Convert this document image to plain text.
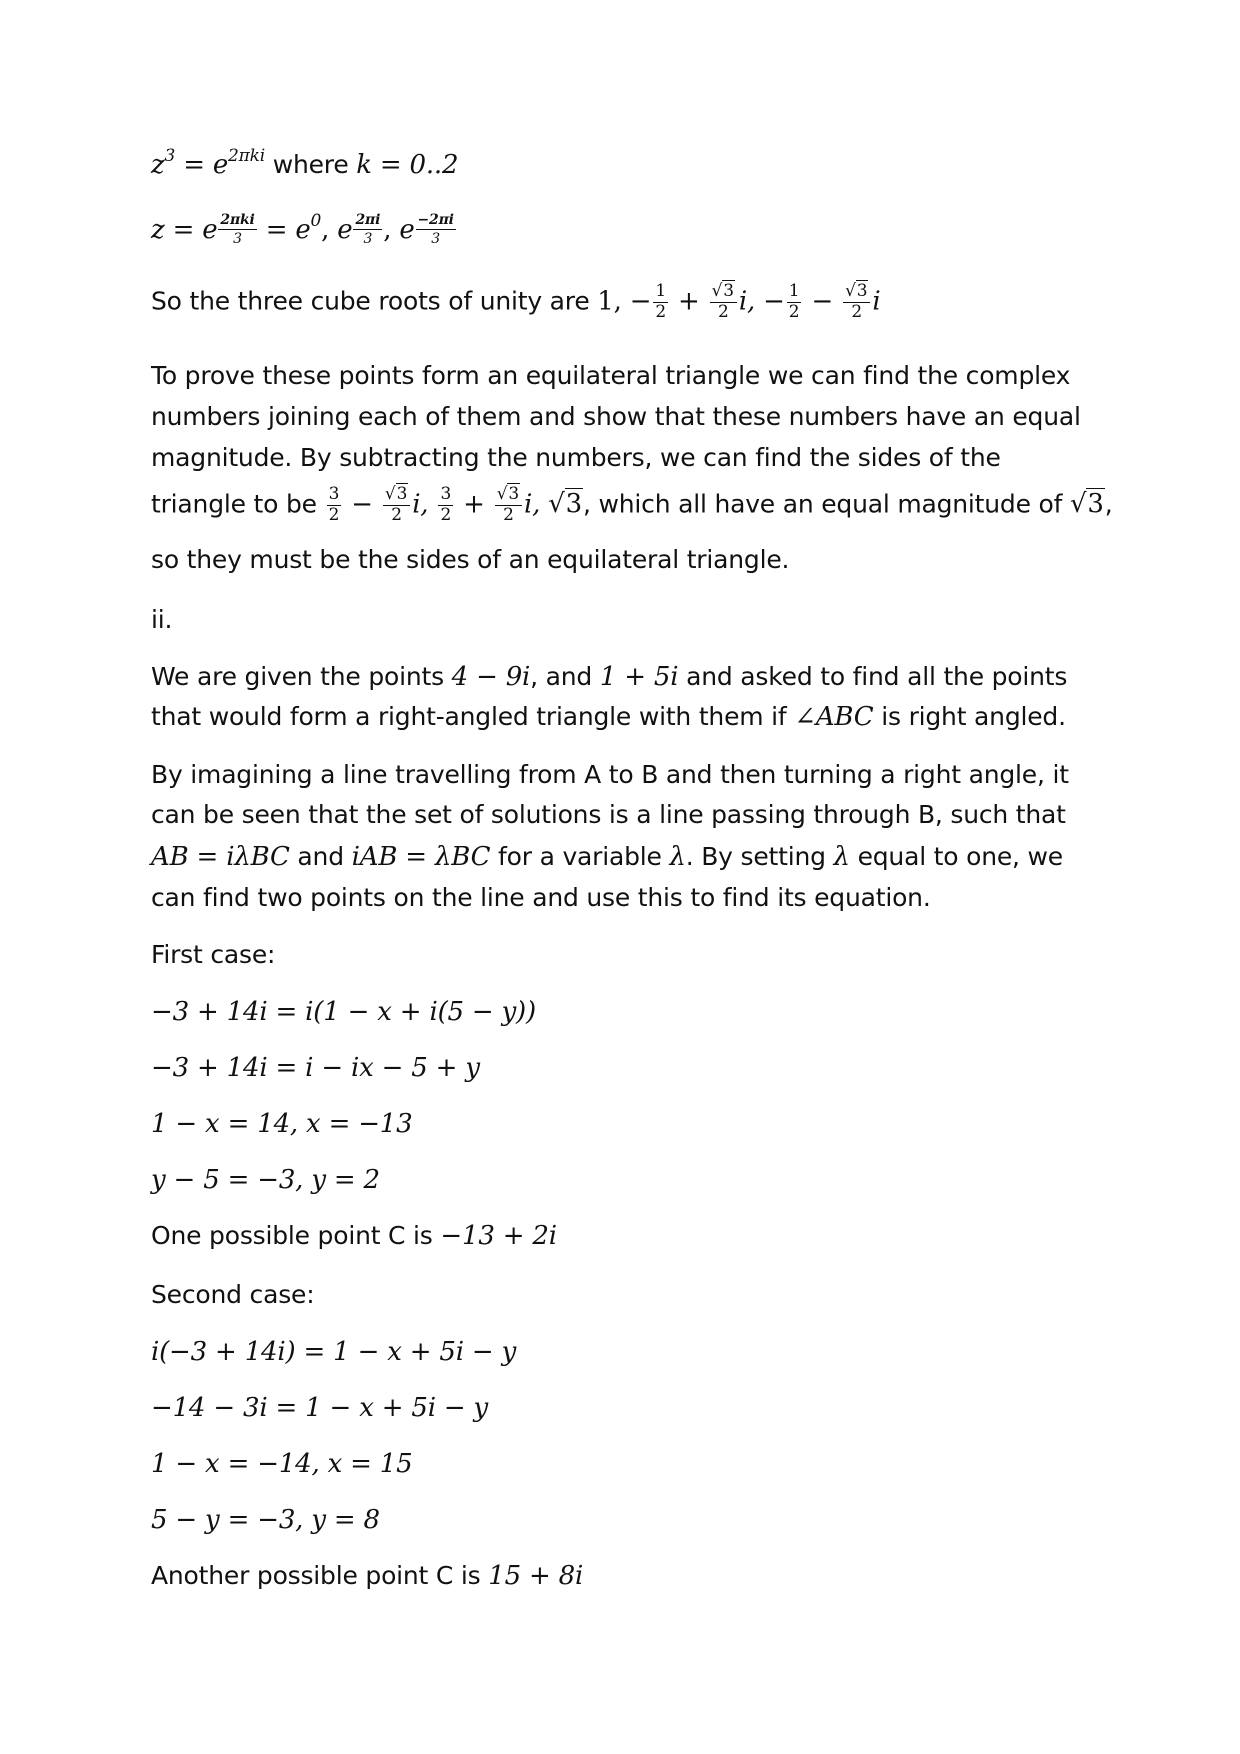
$z^3 = e^{2\pi ki}$ where k = 0..2
z = e $\frac{\text{2πki}}{3} = e^0$, e $\frac{2\pi i}{3}$ , e $\frac{-2\pi i}{3}$
So the three cube roots of unity are 1, − $\frac{1}{2} + \frac{√3}{2} i$, − $\frac{1}{2} - \frac{√3}{2}$ i
To prove these points form an equilateral triangle we can find the complex
numbers joining each of them and show that these numbers have an equal
magnitude. By subtracting the numbers, we can find the sides of the
triangle to be $\frac{3}{2} - \frac{√3}{2} i$, $\frac{3}{2} + \frac{√3}{2} i$, √3, which all have an equal magnitude of √3,
so they must be the sides of an equilateral triangle.
ii.
We are given the points 4 − 9i, and 1 + 5i and asked to find all the points
that would form a right-angled triangle with them if ∠ABC is right angled.
By imagining a line travelling from A to B and then turning a right angle, it
can be seen that the set of solutions is a line passing through B, such that
AB = iλBC and iAB = λBC for a variable λ. By setting λ equal to one, we
can find two points on the line and use this to find its equation.
First case:
−3 + 14i = i(1 − x + i(5 − y))
−3 + 14i = i − ix − 5 + y
1 − x = 14, x = −13
y − 5 = −3, y = 2
One possible point C is −13 + 2i
Second case:
i(−3 + 14i) = 1 − x + 5i − y
−14 − 3i = 1 − x + 5i − y
1 − x = −14, x = 15
5 − y = −3, y = 8
Another possible point C is 15 + 8i
